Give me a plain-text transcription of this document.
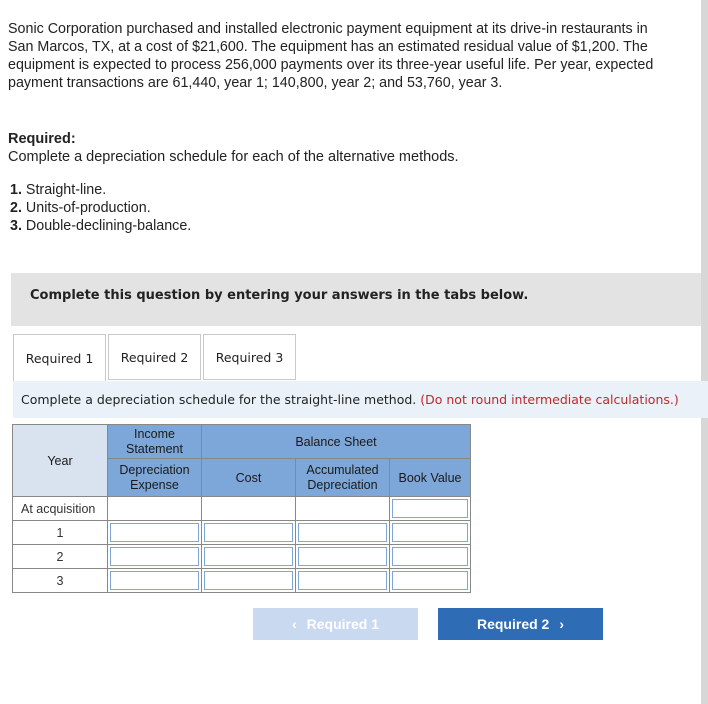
Sonic Corporation purchased and installed electronic payment equipment at its drive-in restaurants in San Marcos, TX, at a cost of $21,600. The equipment has an estimated residual value of $1,200. The equipment is expected to process 256,000 payments over its three-year useful life. Per year, expected payment transactions are 61,440, year 1; 140,800, year 2; and 53,760, year 3.
Required:
Complete a depreciation schedule for each of the alternative methods.
1. Straight-line.
2. Units-of-production.
3. Double-declining-balance.
Complete this question by entering your answers in the tabs below.
Required 1	Required 2	Required 3
Complete a depreciation schedule for the straight-line method. (Do not round intermediate calculations.)
Year	Income Statement	Balance Sheet		
	Depreciation Expense	Cost	Accumulated Depreciation	Book Value
At acquisition				

1	

2	

3	

‹ Required 1	Required 2 ›
